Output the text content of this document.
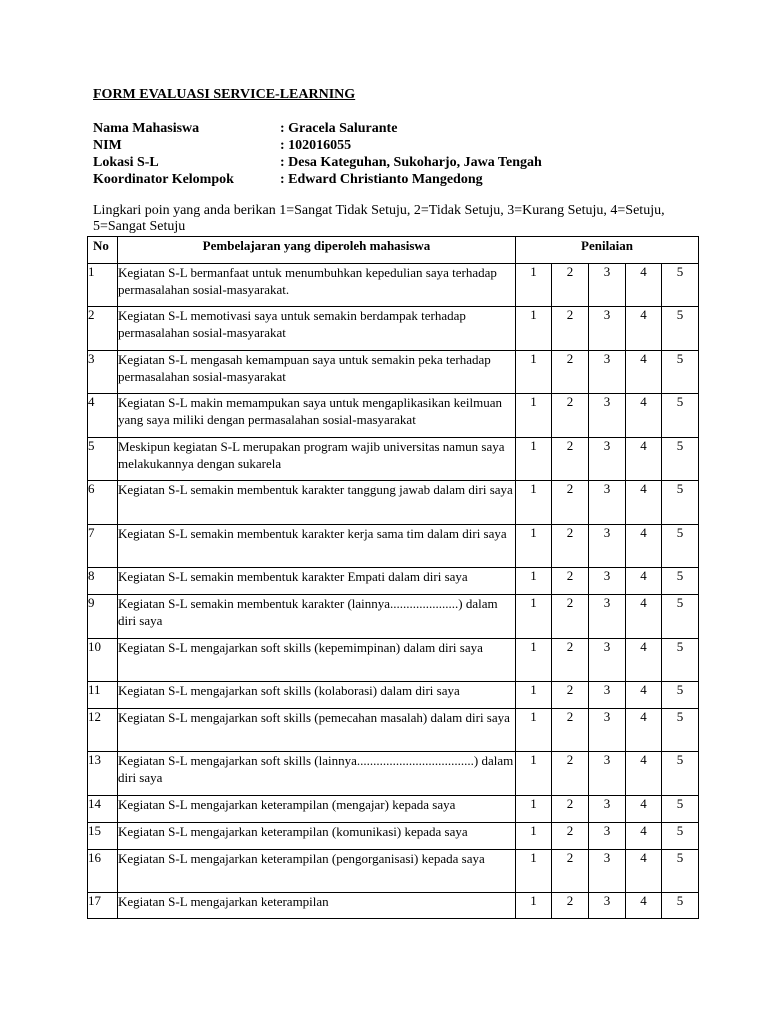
FORM EVALUASI SERVICE-LEARNING
Nama Mahasiswa	: Gracela Salurante
NIM	: 102016055
Lokasi S-L	: Desa Kateguhan, Sukoharjo, Jawa Tengah
Koordinator Kelompok	: Edward Christianto Mangedong
Lingkari poin yang anda berikan 1=Sangat Tidak Setuju, 2=Tidak Setuju, 3=Kurang Setuju, 4=Setuju, 5=Sangat Setuju
No	Pembelajaran yang diperoleh mahasiswa	Penilaian				
1	Kegiatan S-L bermanfaat untuk menumbuhkan kepedulian saya terhadap permasalahan sosial-masyarakat.	1	2	3	4	5
2	Kegiatan S-L memotivasi saya untuk semakin berdampak terhadap permasalahan sosial-masyarakat	1	2	3	4	5
3	Kegiatan S-L mengasah kemampuan saya untuk semakin peka terhadap permasalahan sosial-masyarakat	1	2	3	4	5
4	Kegiatan S-L makin memampukan saya untuk mengaplikasikan keilmuan yang saya miliki dengan permasalahan sosial-masyarakat	1	2	3	4	5
5	Meskipun kegiatan S-L merupakan program wajib universitas namun saya melakukannya dengan sukarela	1	2	3	4	5
6	Kegiatan S-L semakin membentuk karakter tanggung jawab dalam diri saya	1	2	3	4	5
7	Kegiatan S-L semakin membentuk karakter kerja sama tim dalam diri saya	1	2	3	4	5
8	Kegiatan S-L semakin membentuk karakter Empati dalam diri saya	1	2	3	4	5
9	Kegiatan S-L semakin membentuk karakter (lainnya.....................) dalam diri saya	1	2	3	4	5
10	Kegiatan S-L mengajarkan soft skills (kepemimpinan) dalam diri saya	1	2	3	4	5
11	Kegiatan S-L mengajarkan soft skills (kolaborasi) dalam diri saya	1	2	3	4	5
12	Kegiatan S-L mengajarkan soft skills (pemecahan masalah) dalam diri saya	1	2	3	4	5
13	Kegiatan S-L mengajarkan soft skills (lainnya....................................) dalam diri saya	1	2	3	4	5
14	Kegiatan S-L mengajarkan keterampilan (mengajar) kepada saya	1	2	3	4	5
15	Kegiatan S-L mengajarkan keterampilan (komunikasi) kepada saya	1	2	3	4	5
16	Kegiatan S-L mengajarkan keterampilan (pengorganisasi) kepada saya	1	2	3	4	5
17	Kegiatan S-L mengajarkan keterampilan	1	2	3	4	5
